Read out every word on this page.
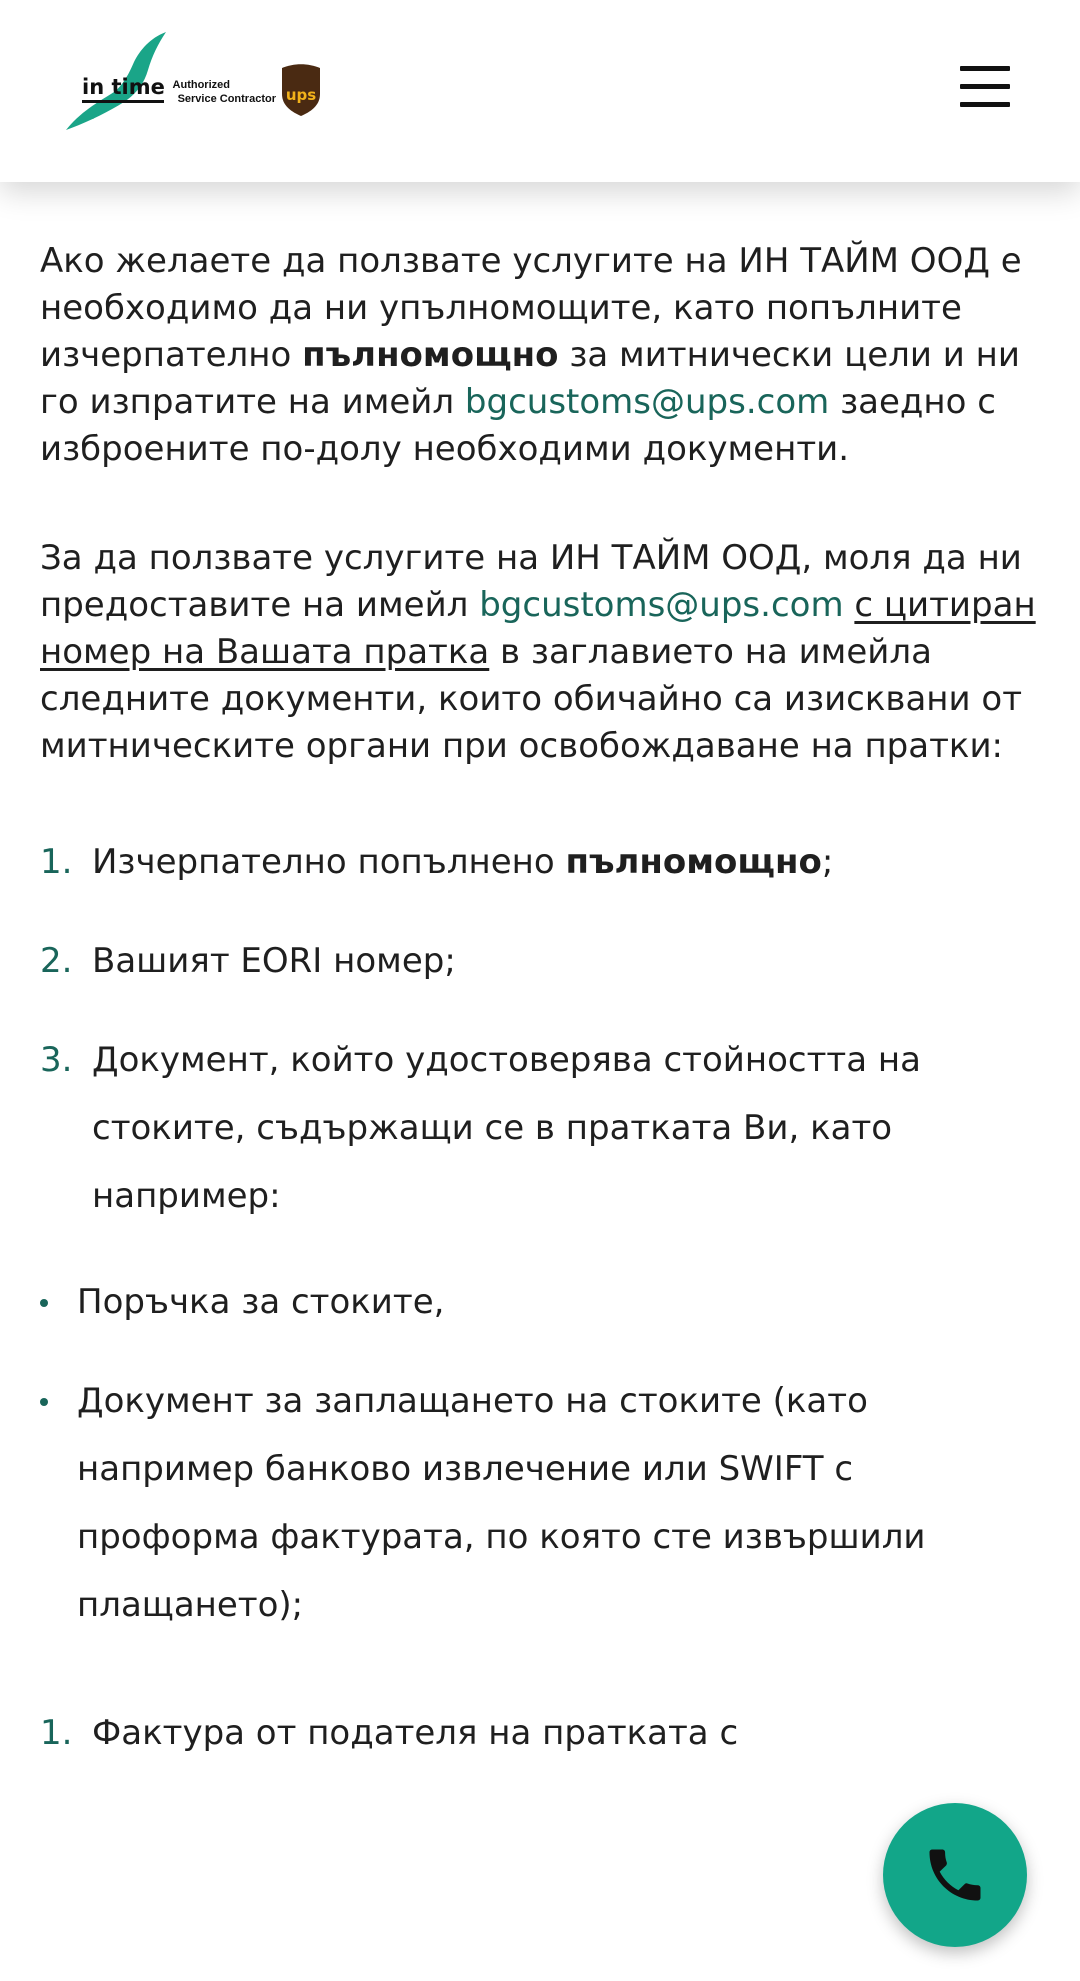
in time Authorized
Service Contractor ups

Ако желаете да ползвате услугите на ИН ТАЙМ ООД е необходимо да ни упълномощите, като попълните изчерпателно пълномощно за митнически цели и ни го изпратите на имейл bgcustoms@ups.com заедно с изброените по-долу необходими документи.

За да ползвате услугите на ИН ТАЙМ ООД, моля да ни предоставите на имейл bgcustoms@ups.com с цитиран номер на Вашата пратка в заглавието на имейла следните документи, които обичайно са изисквани от митническите органи при освобождаване на пратки:

1. Изчерпателно попълнено пълномощно;
2. Вашият EORI номер;
3. Документ, който удостоверява стойността на стоките, съдържащи се в пратката Ви, като например:
Поръчка за стоките,
Документ за заплащането на стоките (като например банково извлечение или SWIFT с проформа фактурата, по която сте извършили плащането);
1. Фактура от подателя на пратката с
